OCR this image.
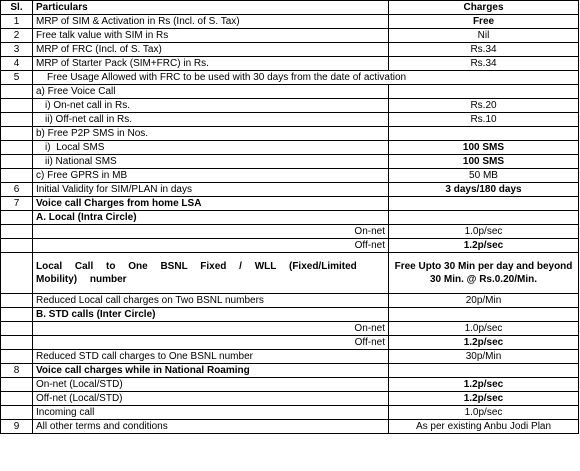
Sl.	Particulars	Charges
1	MRP of SIM & Activation in Rs (Incl. of S. Tax)	Free
2	Free talk value with SIM in Rs	Nil
3	MRP of FRC (Incl. of S. Tax)	Rs.34
4	MRP of Starter Pack (SIM+FRC) in Rs.	Rs.34
5	Free Usage Allowed with FRC to be used with 30 days from the date of activation	
	a) Free Voice Call	
	i) On-net call in Rs.	Rs.20
	ii) Off-net call in Rs.	Rs.10
	b) Free P2P SMS in Nos.	
	i)  Local SMS	100 SMS
	ii) National SMS	100 SMS
	c) Free GPRS in MB	50 MB
6	Initial Validity for SIM/PLAN in days	3 days/180 days
7	Voice call Charges from home LSA	
	A. Local (Intra Circle)	
	On-net	1.0p/sec
	Off-net	1.2p/sec
	Local Call to One BSNL Fixed / WLL (Fixed/Limited Mobility) number	Free Upto 30 Min per day and beyond 30 Min. @ Rs.0.20/Min.
	Reduced Local call charges on Two BSNL numbers	20p/Min
	B. STD calls (Inter Circle)	
	On-net	1.0p/sec
	Off-net	1.2p/sec
	Reduced STD call charges to One BSNL number	30p/Min
8	Voice call charges while in National Roaming	
	On-net (Local/STD)	1.2p/sec
	Off-net (Local/STD)	1.2p/sec
	Incoming call	1.0p/sec
9	All other terms and conditions	As per existing Anbu Jodi Plan
